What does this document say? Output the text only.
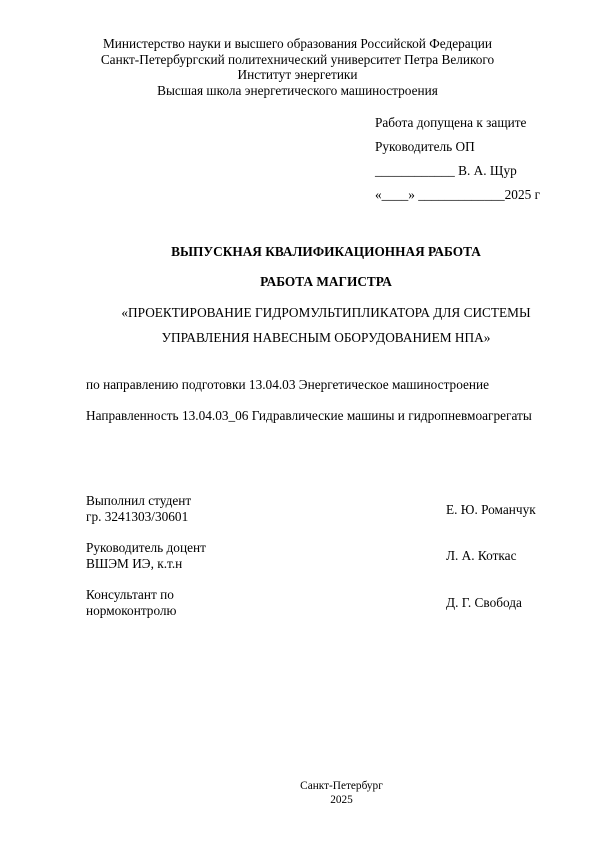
Министерство науки и высшего образования Российской Федерации
Санкт-Петербургский политехнический университет Петра Великого
Институт энергетики
Высшая школа энергетического машиностроения
Работа допущена к защите
Руководитель ОП
____________ В. А. Щур
«____» _____________2025 г
ВЫПУСКНАЯ КВАЛИФИКАЦИОННАЯ РАБОТА
РАБОТА МАГИСТРА
«ПРОЕКТИРОВАНИЕ ГИДРОМУЛЬТИПЛИКАТОРА ДЛЯ СИСТЕМЫ
УПРАВЛЕНИЯ НАВЕСНЫМ ОБОРУДОВАНИЕМ НПА»
по направлению подготовки 13.04.03 Энергетическое машиностроение
Направленность 13.04.03_06 Гидравлические машины и гидропневмоагрегаты
Выполнил студент
гр. 3241303/30601	Е. Ю. Романчук
Руководитель доцент
ВШЭМ ИЭ, к.т.н
Л. А. Коткас
Консультант по
нормоконтролю
Д. Г. Свобода
Санкт-Петербург
2025
